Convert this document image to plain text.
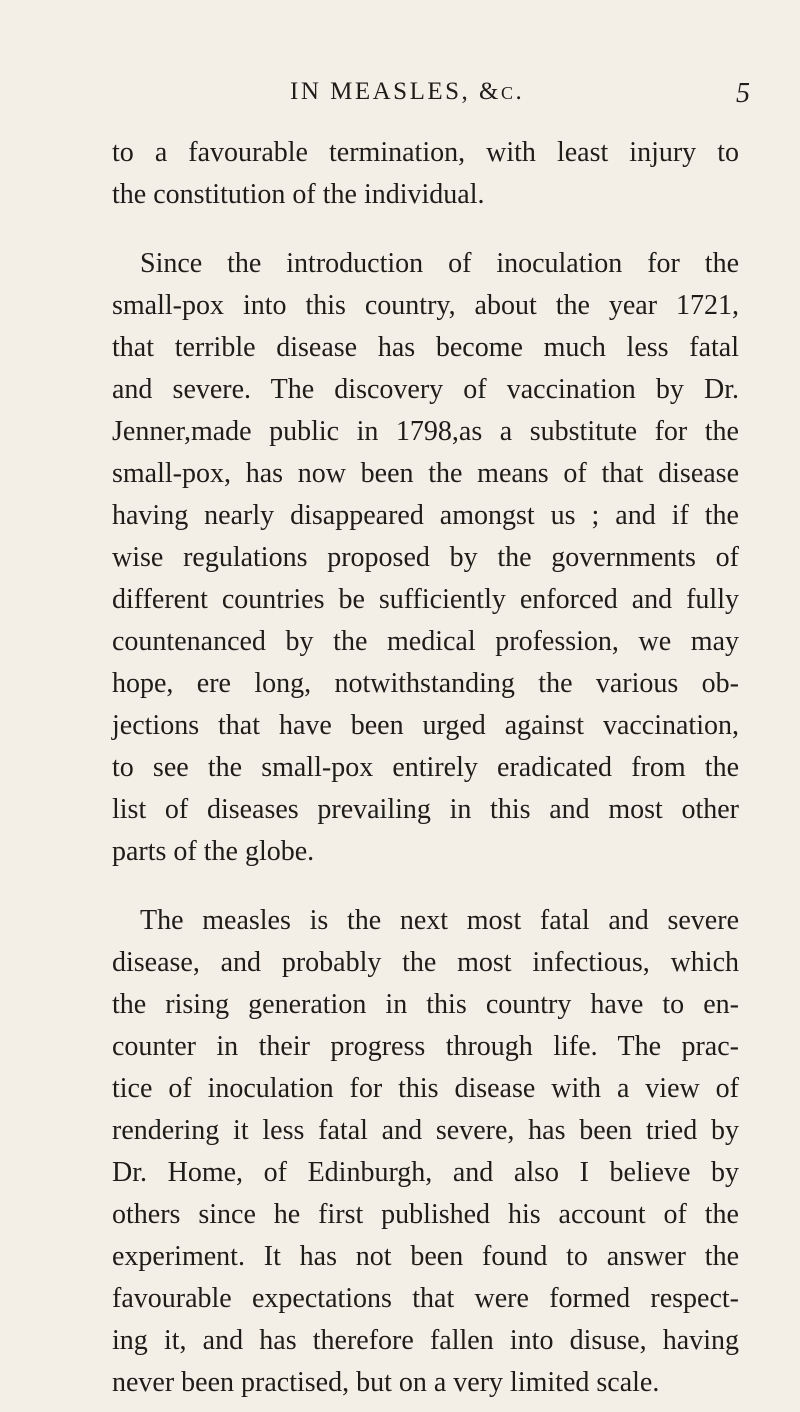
IN MEASLES, &c.	5
to a favourable termination, with least injury to
the constitution of the individual.
Since the introduction of inoculation for the
small-pox into this country, about the year 1721,
that terrible disease has become much less fatal
and severe. The discovery of vaccination by Dr.
Jenner,made public in 1798,as a substitute for the
small-pox, has now been the means of that disease
having nearly disappeared amongst us ; and if the
wise regulations proposed by the governments of
different countries be sufficiently enforced and fully
countenanced by the medical profession, we may
hope, ere long, notwithstanding the various ob-
jections that have been urged against vaccination,
to see the small-pox entirely eradicated from the
list of diseases prevailing in this and most other
parts of the globe.
The measles is the next most fatal and severe
disease, and probably the most infectious, which
the rising generation in this country have to en-
counter in their progress through life. The prac-
tice of inoculation for this disease with a view of
rendering it less fatal and severe, has been tried by
Dr. Home, of Edinburgh, and also I believe by
others since he first published his account of the
experiment. It has not been found to answer the
favourable expectations that were formed respect-
ing it, and has therefore fallen into disuse, having
never been practised, but on a very limited scale.
